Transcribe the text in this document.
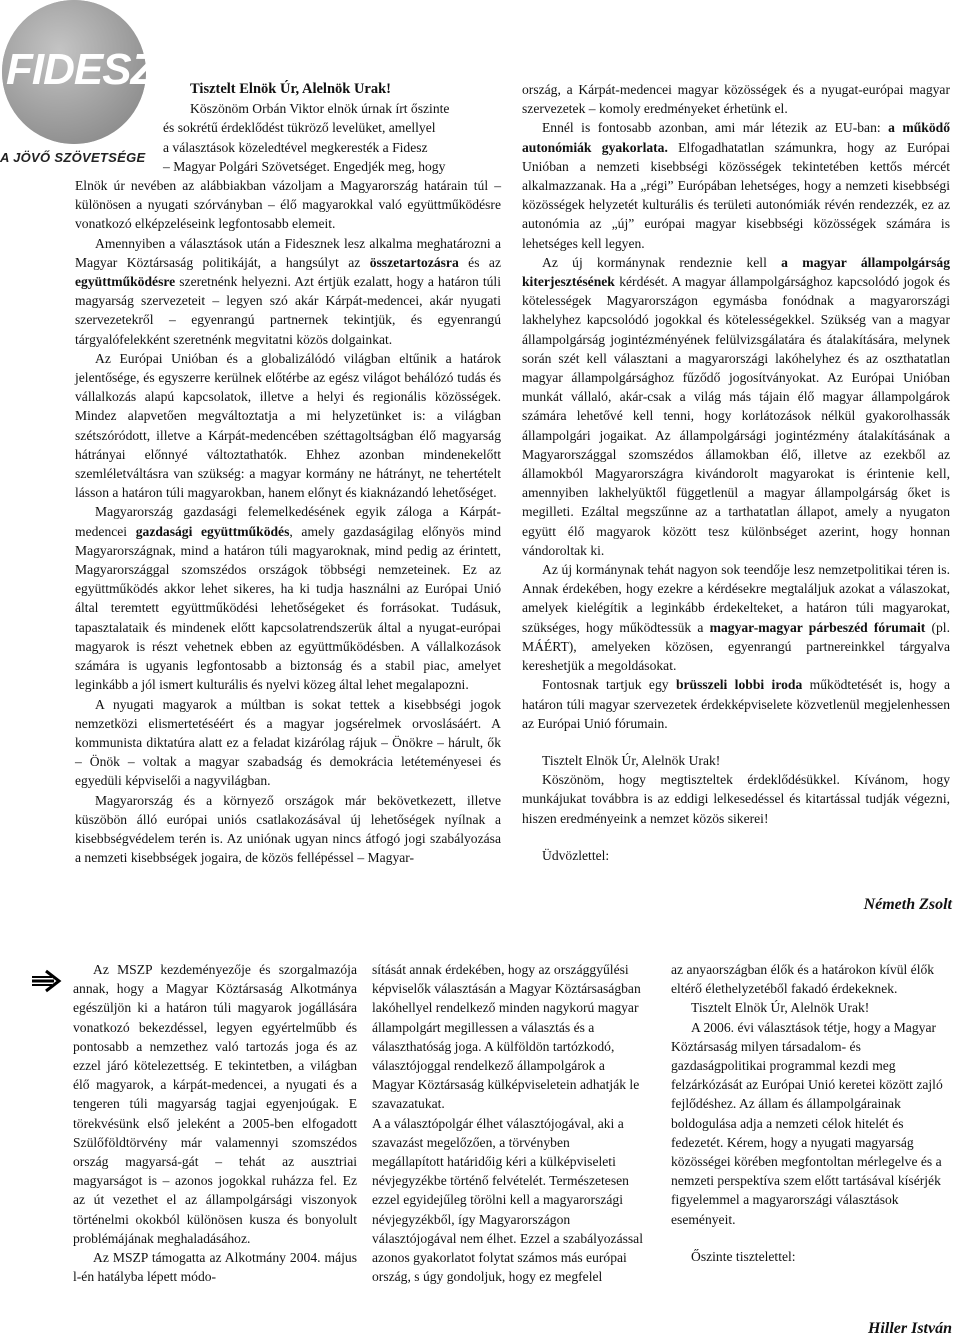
FIDESZ
A JÖVŐ SZÖVETSÉGE

Tisztelt Elnök Úr, Alelnök Urak!

Köszönöm Orbán Viktor elnök úrnak írt őszinte

és sokrétű érdeklődést tükröző levelüket, amellyel

a választások közeledtével megkeresték a Fidesz

– Magyar Polgári Szövetséget. Engedjék meg, hogy

Elnök úr nevében az alábbiakban vázoljam a Magyarország határain túl – különösen a nyugati szórványban – élő magyarokkal való együttműködésre vonatkozó elképzeléseink legfontosabb elemeit.

Amennyiben a választások után a Fidesznek lesz alkalma meghatározni a Magyar Köztársaság politikáját, a hangsúlyt az összetartozásra és az együttműködésre szeretnénk helyezni. Azt értjük ezalatt, hogy a határon túli magyarság szervezeteit – legyen szó akár Kárpát-medencei, akár nyugati szervezetekről – egyenrangú partnernek tekintjük, és egyenrangú tárgyalófelekként szeretnénk megvitatni közös dolgainkat.

Az Európai Unióban és a globalizálódó világban eltűnik a határok jelentősége, és egyszerre kerülnek előtérbe az egész világot behálózó tudás és vállalkozás alapú kapcsolatok, illetve a helyi és regionális közösségek. Mindez alapvetően megváltoztatja a mi helyzetünket is: a világban szétszóródott, illetve a Kárpát-medencében széttagoltságban élő magyarság hátrányai előnnyé változtathatók. Ehhez azonban mindenekelőtt szemléletváltásra van szükség: a magyar kormány ne hátrányt, ne tehertételt lásson a határon túli magyarokban, hanem előnyt és kiaknázandó lehetőséget.

Magyarország gazdasági felemelkedésének egyik záloga a Kárpát-medencei gazdasági együttműködés, amely gazdaságilag előnyös mind Magyarországnak, mind a határon túli magyaroknak, mind pedig az érintett, Magyarországgal szomszédos országok többségi nemzeteinek. Ez az együttműködés akkor lehet sikeres, ha ki tudja használni az Európai Unió által teremtett együttműködési lehetőségeket és forrásokat. Tudásuk, tapasztalataik és mindenek előtt kapcsolatrendszerük által a nyugat-európai magyarok is részt vehetnek ebben az együttműködésben. A vállalkozások számára is ugyanis legfontosabb a biztonság és a stabil piac, amelyet leginkább a jól ismert kulturális és nyelvi közeg által lehet megalapozni.

A nyugati magyarok a múltban is sokat tettek a kisebbségi jogok nemzetközi elismertetéséért és a magyar jogsérelmek orvoslásáért. A kommunista diktatúra alatt ez a feladat kizárólag rájuk – Önökre – hárult, ők – Önök – voltak a magyar szabadság és demokrácia letéteményesei és egyedüli képviselői a nagyvilágban.

Magyarország és a környező országok már bekövetkezett, illetve küszöbön álló európai uniós csatlakozásával új lehetőségek nyílnak a kisebbségvédelem terén is. Az uniónak ugyan nincs átfogó jogi szabályozása a nemzeti kisebbségek jogaira, de közös fellépéssel – Magyar-

ország, a Kárpát-medencei magyar közösségek és a nyugat-európai magyar szervezetek – komoly eredményeket érhetünk el.

Ennél is fontosabb azonban, ami már létezik az EU-ban: a működő autonómiák gyakorlata. Elfogadhatatlan számunkra, hogy az Európai Unióban a nemzeti kisebbségi közösségek tekintetében kettős mércét alkalmazzanak. Ha a „régi” Európában lehetséges, hogy a nemzeti kisebbségi közösségek helyzetét kulturális és területi autonómiák révén rendezzék, ez az autonómia az „új” európai magyar kisebbségi közösségek számára is lehetséges kell legyen.

Az új kormánynak rendeznie kell a magyar állampolgárság kiterjesztésének kérdését. A magyar állampolgársághoz kapcsolódó jogok és kötelességek Magyarországon egymásba fonódnak a magyarországi lakhelyhez kapcsolódó jogokkal és kötelességekkel. Szükség van a magyar állampolgárság jogintézményének felülvizsgálatára és átalakítására, melynek során szét kell választani a magyarországi lakóhelyhez és az oszthatatlan magyar állampolgársághoz fűződő jogosítványokat. Az Európai Unióban munkát vállaló, akár-csak a világ más tájain élő magyar állampolgárok számára lehetővé kell tenni, hogy korlátozások nélkül gyakorolhassák állampolgári jogaikat. Az állampolgársági jogintézmény átalakításának a Magyarországgal szomszédos államokban élő, illetve az ezekből az államokból Magyarországra kivándorolt magyarokat is érintenie kell, amennyiben lakhelyüktől függetlenül a magyar állampolgárság őket is megilleti. Ezáltal megszűnne az a tarthatatlan állapot, amely a nyugaton együtt élő magyarok között tesz különbséget azerint, hogy honnan vándoroltak ki.

Az új kormánynak tehát nagyon sok teendője lesz nemzetpolitikai téren is. Annak érdekében, hogy ezekre a kérdésekre megtaláljuk azokat a válaszokat, amelyek kielégítik a leginkább érdekelteket, a határon túli magyarokat, szükséges, hogy működtessük a magyar-magyar párbeszéd fórumait (pl. MÁÉRT), amelyeken közösen, egyenrangú partnereinkkel tárgyalva kereshetjük a megoldásokat.

Fontosnak tartjuk egy brüsszeli lobbi iroda működtetését is, hogy a határon túli magyar szervezetek érdekképviselete közvetlenül megjelenhessen az Európai Unió fórumain.

Tisztelt Elnök Úr, Alelnök Urak!

Köszönöm, hogy megtiszteltek érdeklődésükkel. Kívánom, hogy munkájukat továbbra is az eddigi lelkesedéssel és kitartással tudják végezni, hiszen eredményeink a nemzet közös sikerei!

Üdvözlettel:

Németh Zsolt

Az MSZP kezdeményezője és szorgalmazója annak, hogy a Magyar Köztársaság Alkotmánya egészüljön ki a határon túli magyarok jogállására vonatkozó bekezdéssel, legyen egyértelműbb és pontosabb a nemzethez való tartozás joga és az ezzel járó kötelezettség. E tekintetben, a világban élő magyarok, a kárpát-medencei, a nyugati és a tengeren túli magyarság tagjai egyenjoúgak. E törekvésünk első jeleként a 2005-ben elfogadott Szülőföldtörvény már valamennyi szomszédos ország magyarsá-gát – tehát az ausztriai magyarságot is – azonos jogokkal ruházza fel. Ez az út vezethet el az állampolgársági viszonyok történelmi okokból különösen kusza és bonyolult problémájának meghaladásához.

Az MSZP támogatta az Alkotmány 2004. május l-én hatályba lépett módo-

sítását annak érdekében, hogy az országgyűlési képviselők választásán a Magyar Köztársaságban lakóhellyel rendelkező minden nagykorú magyar állampolgárt megillessen a választás és a választhatóság joga. A külföldön tartózkodó, választójoggal rendelkező állampolgárok a Magyar Köztársaság külképviseletein adhatják le szavazatukat.

A a választópolgár élhet választójogával, aki a szavazást megelőzően, a törvényben megállapított határidőig kéri a külképviseleti névjegyzékbe történő felvételét. Természetesen ezzel egyidejűleg törölni kell a magyarországi névjegyzékből, így Magyarországon választójogával nem élhet. Ezzel a szabályozással azonos gyakorlatot folytat számos más európai ország, s úgy gondoljuk, hogy ez megfelel

az anyaországban élők és a határokon kívül élők eltérő élethelyzetéből fakadó érdekeknek.

Tisztelt Elnök Úr, Alelnök Urak!

A 2006. évi választások tétje, hogy a Magyar Köztársaság milyen társadalom- és gazdaságpolitikai programmal kezdi meg felzárkózását az Európai Unió keretei között zajló fejlődéshez. Az állam és állampolgárainak boldogulása adja a nemzeti célok hitelét és fedezetét. Kérem, hogy a nyugati magyarság közösségei körében megfontoltan mérlegelve és a nemzeti perspektíva szem előtt tartásával kísérjék figyelemmel a magyarországi választások eseményeit.

Őszinte tisztelettel:

Hiller István
